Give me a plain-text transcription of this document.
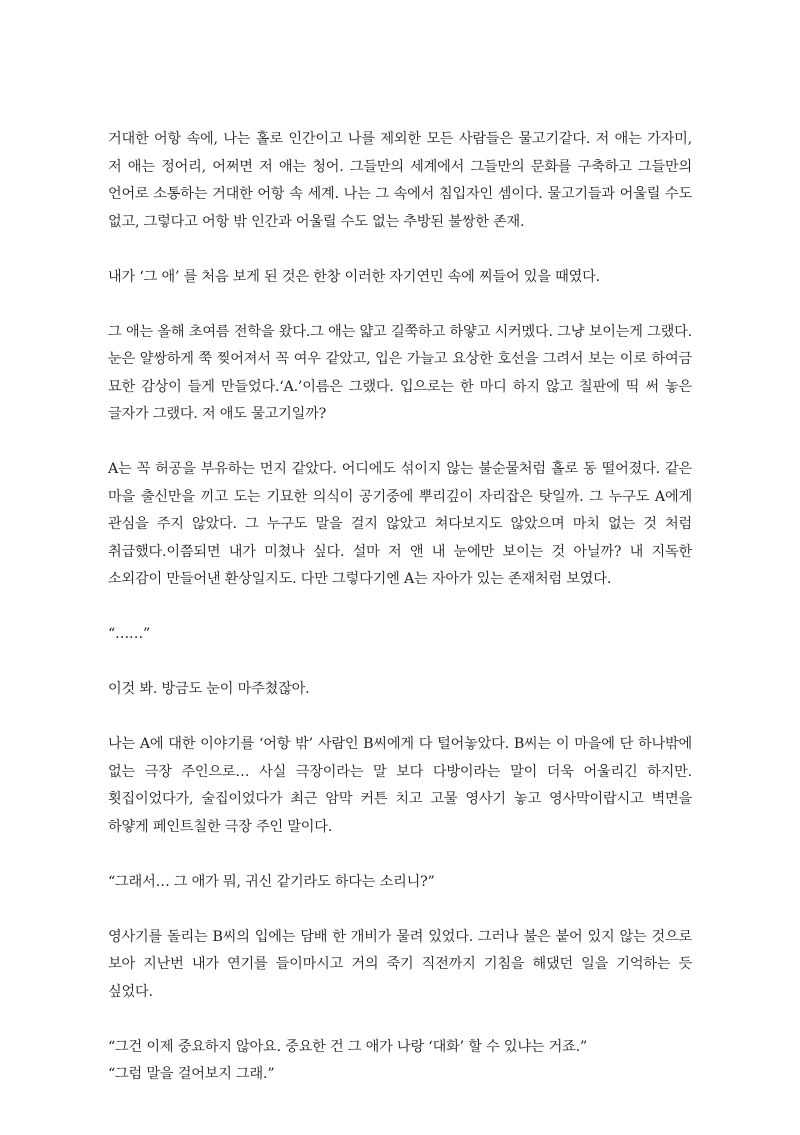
거대한 어항 속에, 나는 홀로 인간이고 나를 제외한 모든 사람들은 물고기같다. 저 애는 가자미, 저 애는 정어리, 어쩌면 저 애는 청어. 그들만의 세계에서 그들만의 문화를 구축하고 그들만의 언어로 소통하는 거대한 어항 속 세계. 나는 그 속에서 침입자인 셈이다. 물고기들과 어울릴 수도 없고, 그렇다고 어항 밖 인간과 어울릴 수도 없는 추방된 불쌍한 존재.

내가 ‘그 애’ 를 처음 보게 된 것은 한창 이러한 자기연민 속에 찌들어 있을 때였다.

그 애는 올해 초여름 전학을 왔다.그 애는 얇고 길쭉하고 하얗고 시커멨다. 그냥 보이는게 그랬다. 눈은 얄쌍하게 쭉 찢어져서 꼭 여우 같았고, 입은 가늘고 요상한 호선을 그려서 보는 이로 하여금 묘한 감상이 들게 만들었다.‘A.’이름은 그랬다. 입으로는 한 마디 하지 않고 칠판에 띡 써 놓은 글자가 그랬다. 저 애도 물고기일까?

A는 꼭 허공을 부유하는 먼지 같았다. 어디에도 섞이지 않는 불순물처럼 홀로 동 떨어졌다. 같은 마을 출신만을 끼고 도는 기묘한 의식이 공기중에 뿌리깊이 자리잡은 탓일까. 그 누구도 A에게 관심을 주지 않았다. 그 누구도 말을 걸지 않았고 쳐다보지도 않았으며 마치 없는 것 처럼 취급했다.이쯤되면 내가 미쳤나 싶다. 설마 저 앤 내 눈에만 보이는 것 아닐까? 내 지독한 소외감이 만들어낸 환상일지도. 다만 그렇다기엔 A는 자아가 있는 존재처럼 보였다.

“……”

이것 봐. 방금도 눈이 마주쳤잖아.

나는 A에 대한 이야기를 ‘어항 밖’ 사람인 B씨에게 다 털어놓았다. B씨는 이 마을에 단 하나밖에 없는 극장 주인으로… 사실 극장이라는 말 보다 다방이라는 말이 더욱 어울리긴 하지만. 횟집이었다가, 술집이었다가 최근 암막 커튼 치고 고물 영사기 놓고 영사막이랍시고 벽면을 하얗게 페인트칠한 극장 주인 말이다.

“그래서… 그 애가 뭐, 귀신 같기라도 하다는 소리니?”

영사기를 돌리는 B씨의 입에는 담배 한 개비가 물려 있었다. 그러나 불은 붙어 있지 않는 것으로 보아 지난번 내가 연기를 들이마시고 거의 죽기 직전까지 기침을 해댔던 일을 기억하는 듯 싶었다.

“그건 이제 중요하지 않아요. 중요한 건 그 애가 나랑 ‘대화’ 할 수 있냐는 거죠.”

“그럼 말을 걸어보지 그래.”
